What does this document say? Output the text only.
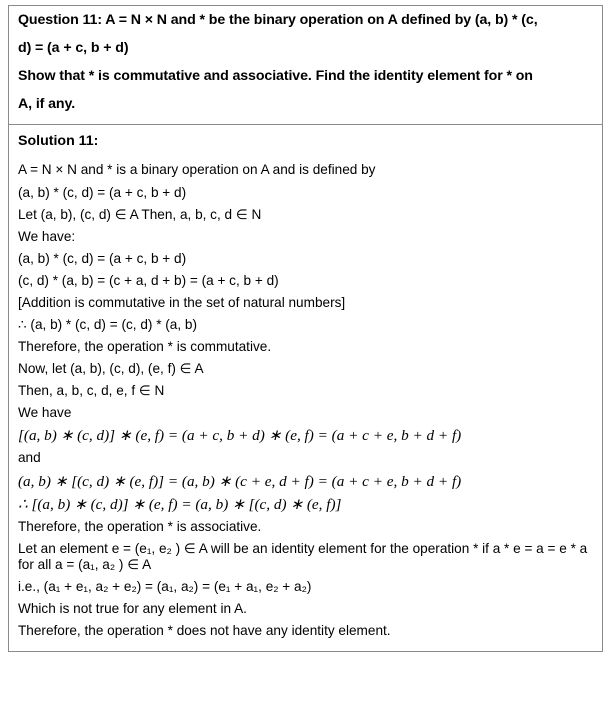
Question 11: A = N × N and * be the binary operation on A defined by (a, b) * (c,

d) = (a + c, b + d)

Show that * is commutative and associative. Find the identity element for * on

A, if any.

Solution 11:

A = N × N and * is a binary operation on A and is defined by

(a, b) * (c, d) = (a + c, b + d)

Let (a, b), (c, d) ∈ A Then, a, b, c, d ∈ N

We have:

(a, b) * (c, d) = (a + c, b + d)

(c, d) * (a, b) = (c + a, d + b) = (a + c, b + d)

[Addition is commutative in the set of natural numbers]

∴ (a, b) * (c, d) = (c, d) * (a, b)

Therefore, the operation * is commutative.

Now, let (a, b), (c, d), (e, f) ∈ A

Then, a, b, c, d, e, f ∈ N

We have

[(a, b) ∗ (c, d)] ∗ (e, f) = (a + c, b + d) ∗ (e, f) = (a + c + e, b + d + f)

and

(a, b) ∗ [(c, d) ∗ (e, f)] = (a, b) ∗ (c + e, d + f) = (a + c + e, b + d + f)

∴ [(a, b) ∗ (c, d)] ∗ (e, f) = (a, b) ∗ [(c, d) ∗ (e, f)]

Therefore, the operation * is associative.

Let an element e = (e₁, e₂ ) ∈ A will be an identity element for the operation * if a * e = a = e * a for all a = (a₁, a₂ ) ∈ A

i.e., (a₁ + e₁, a₂ + e₂) = (a₁, a₂) = (e₁ + a₁, e₂ + a₂)

Which is not true for any element in A.

Therefore, the operation * does not have any identity element.
